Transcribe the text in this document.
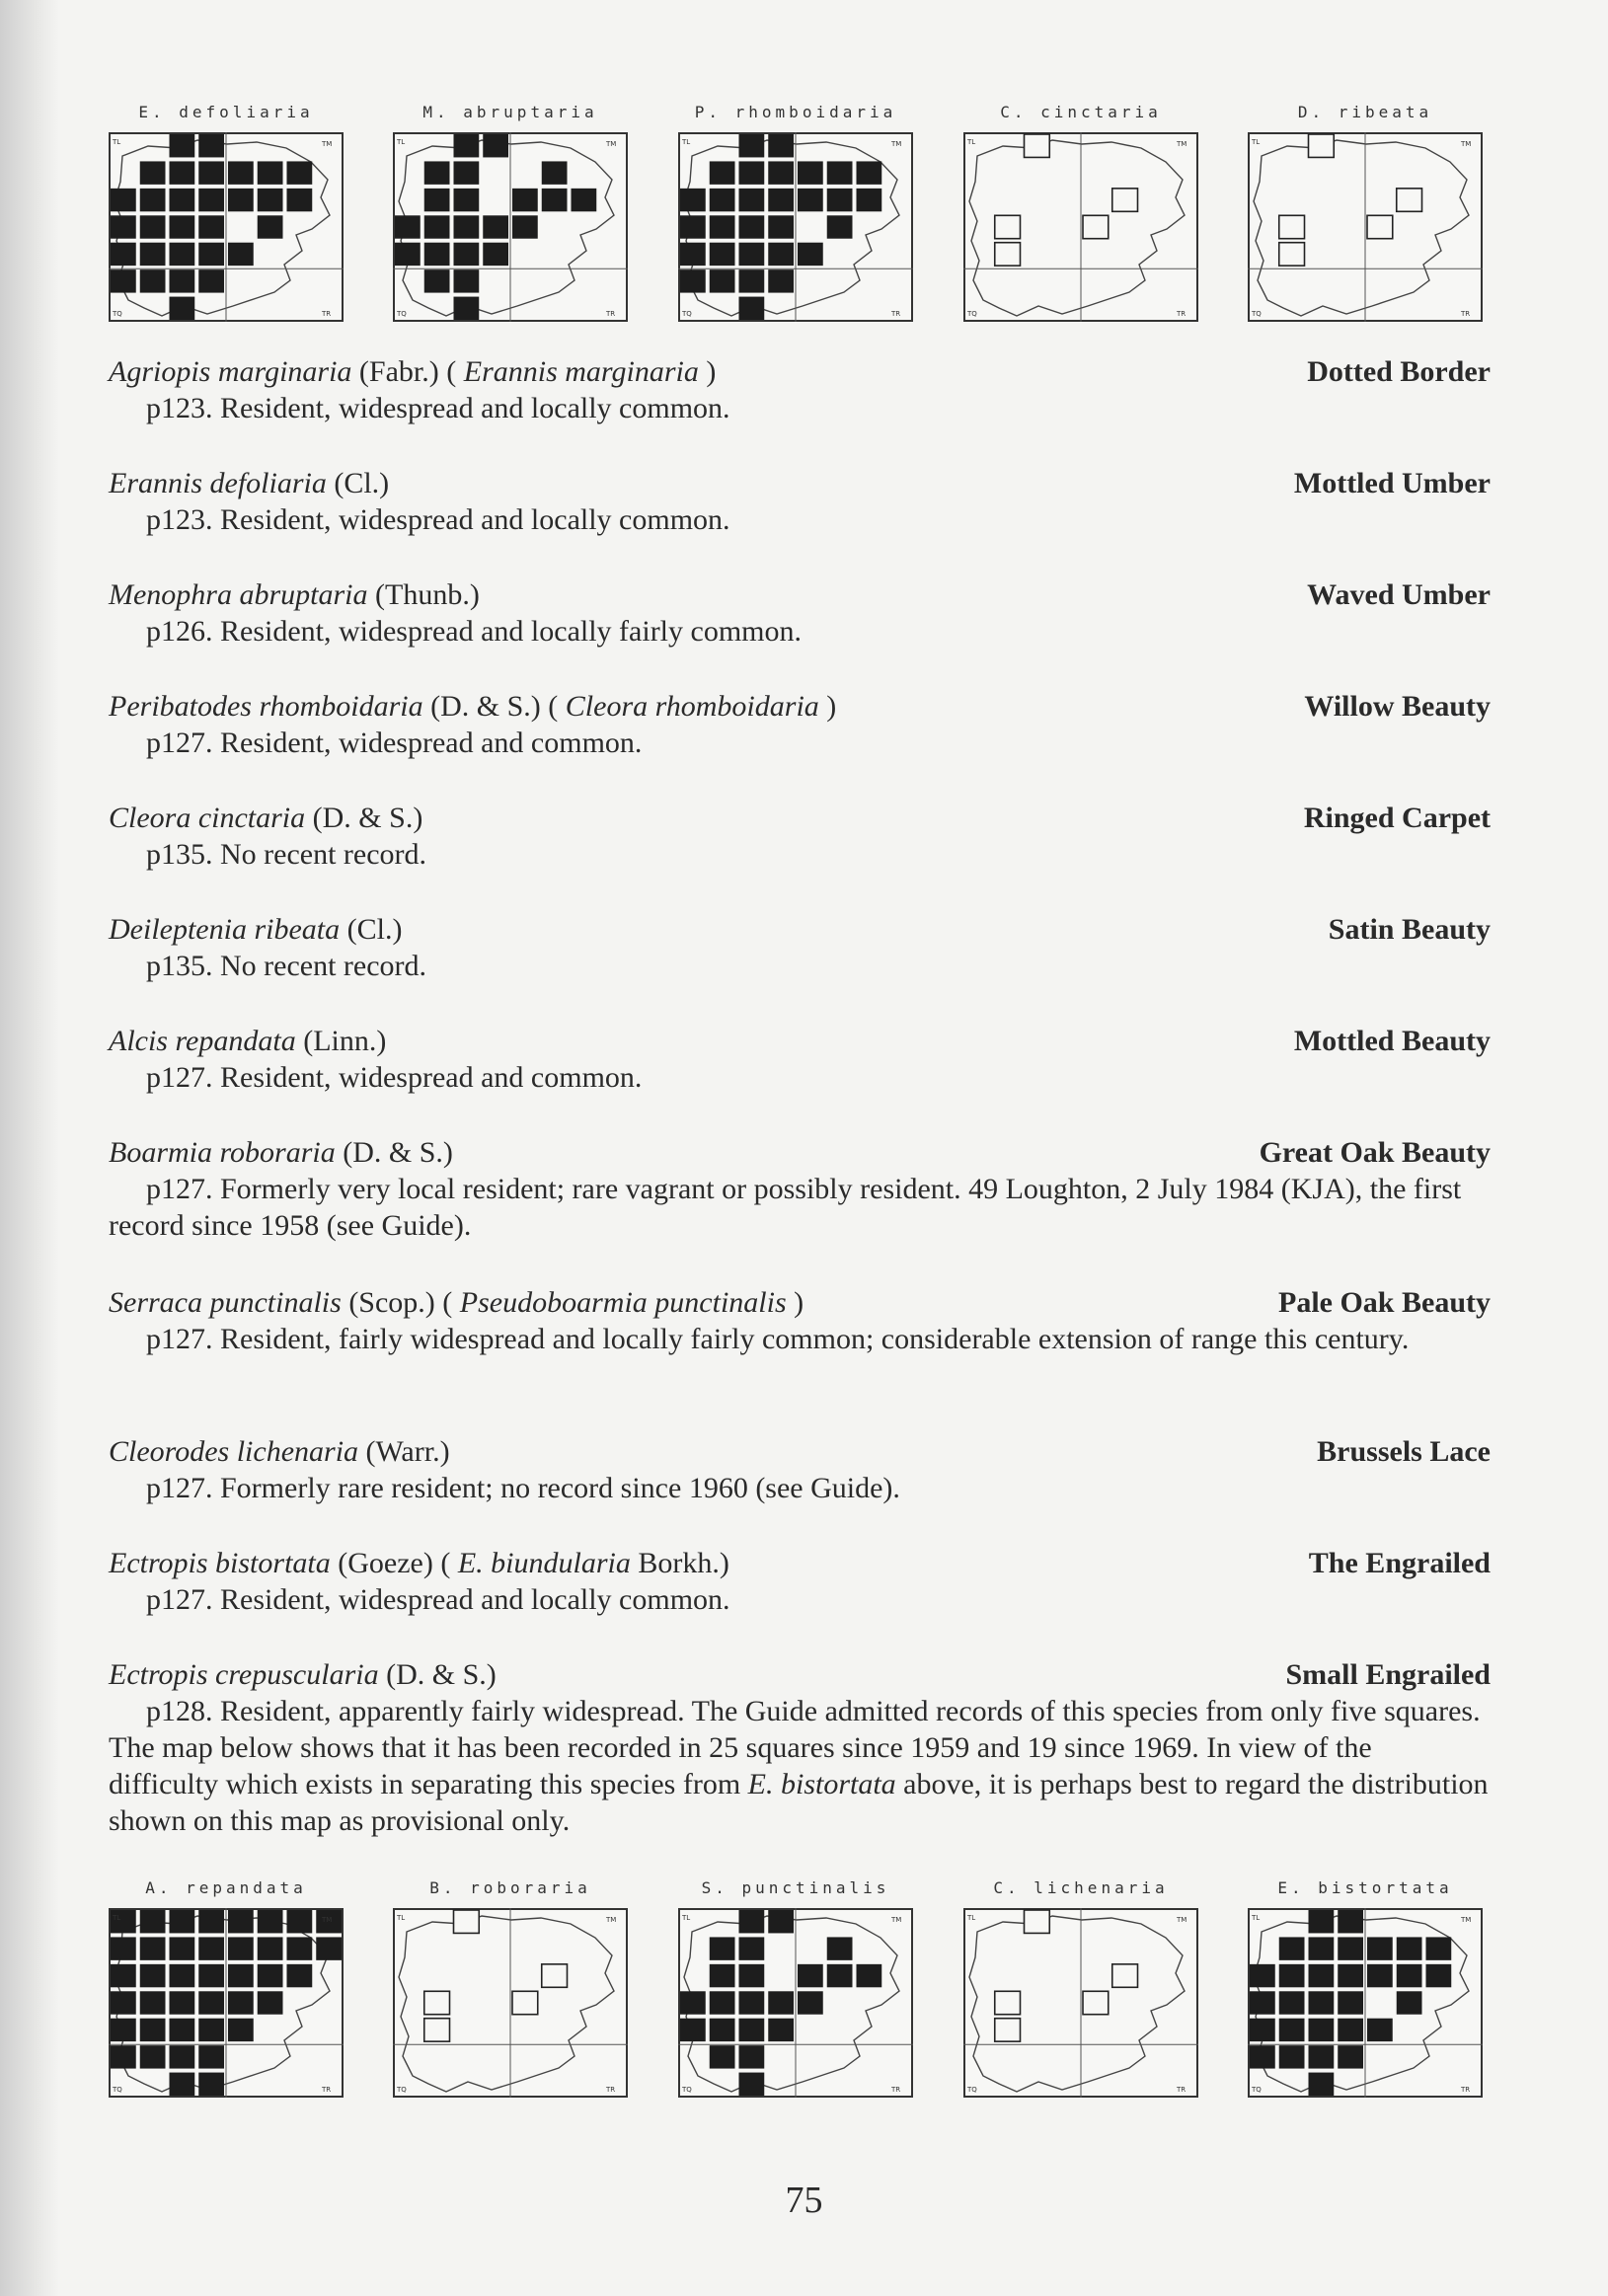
E. defoliaria
TL	TM
TQ	TR
M. abruptaria
TL	TM
TQ	TR
P. rhomboidaria
TL	TM
TQ	TR
C. cinctaria
TL	TM
TQ	TR
D. ribeata
TL	TM
TQ	TR
Agriopis marginaria (Fabr.) ( Erannis marginaria )	Dotted Border
p123. Resident, widespread and locally common.
Erannis defoliaria (Cl.)	Mottled Umber
p123. Resident, widespread and locally common.
Menophra abruptaria (Thunb.)	Waved Umber
p126. Resident, widespread and locally fairly common.
Peribatodes rhomboidaria (D. & S.) ( Cleora rhomboidaria )	Willow Beauty
p127. Resident, widespread and common.
Cleora cinctaria (D. & S.)	Ringed Carpet
p135. No recent record.
Deileptenia ribeata (Cl.)	Satin Beauty
p135. No recent record.
Alcis repandata (Linn.)	Mottled Beauty
p127. Resident, widespread and common.
Boarmia roboraria (D. & S.)	Great Oak Beauty
p127. Formerly very local resident; rare vagrant or possibly resident. 49 Loughton, 2 July 1984 (KJA), the first record since 1958 (see Guide).
Serraca punctinalis (Scop.) ( Pseudoboarmia punctinalis )	Pale Oak Beauty
p127. Resident, fairly widespread and locally fairly common; considerable extension of range this century.
Cleorodes lichenaria (Warr.)	Brussels Lace
p127. Formerly rare resident; no record since 1960 (see Guide).
Ectropis bistortata (Goeze) ( E. biundularia Borkh.)	The Engrailed
p127. Resident, widespread and locally common.
Ectropis crepuscularia (D. & S.)	Small Engrailed
p128. Resident, apparently fairly widespread. The Guide admitted records of this species from only five squares. The map below shows that it has been recorded in 25 squares since 1959 and 19 since 1969. In view of the difficulty which exists in separating this species from E. bistortata above, it is perhaps best to regard the distribution shown on this map as provisional only.
A. repandata
TL	TM
TQ	TR
B. roboraria
TL	TM
TQ	TR
S. punctinalis
TL	TM
TQ	TR
C. lichenaria
TL	TM
TQ	TR
E. bistortata
TL	TM
TQ	TR
75
